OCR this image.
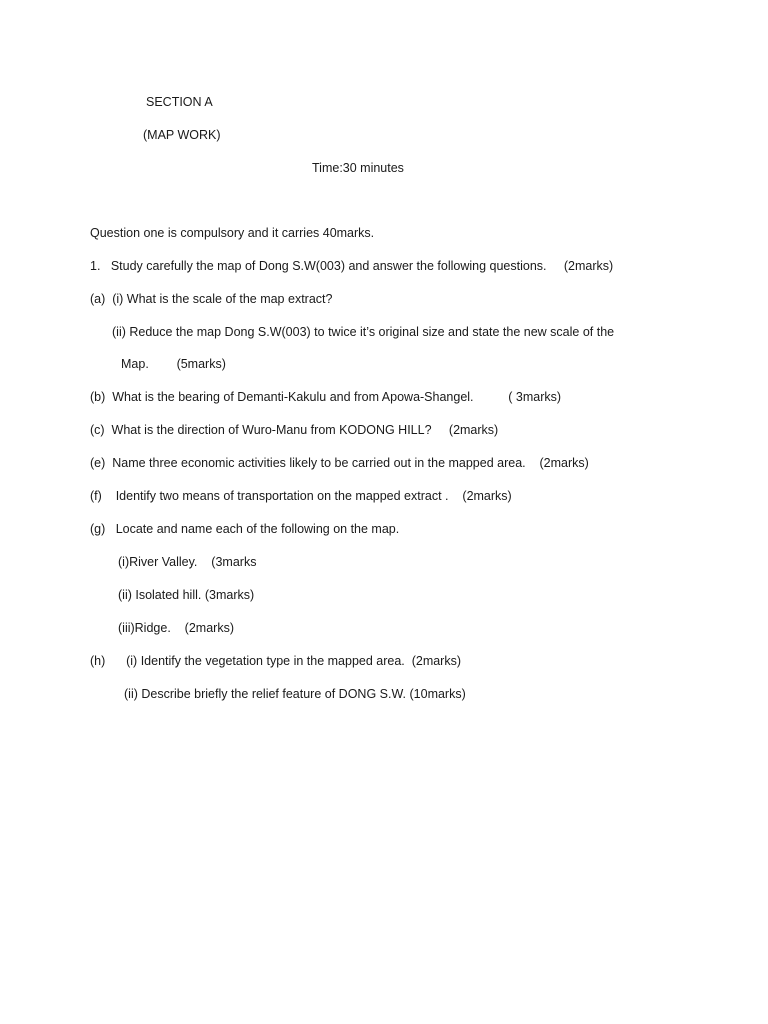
SECTION A
(MAP WORK)
Time:30 minutes
Question one is compulsory and it carries 40marks.
1.   Study carefully the map of Dong S.W(003) and answer the following questions.     (2marks)
(a)  (i) What is the scale of the map extract?
(ii) Reduce the map Dong S.W(003) to twice it’s original size and state the new scale of the
Map.        (5marks)
(b)  What is the bearing of Demanti-Kakulu and from Apowa-Shangel.          ( 3marks)
(c)  What is the direction of Wuro-Manu from KODONG HILL?     (2marks)
(e)  Name three economic activities likely to be carried out in the mapped area.    (2marks)
(f)    Identify two means of transportation on the mapped extract .    (2marks)
(g)   Locate and name each of the following on the map.
(i)River Valley.    (3marks
(ii) Isolated hill. (3marks)
(iii)Ridge.    (2marks)
(h)      (i) Identify the vegetation type in the mapped area.  (2marks)
(ii) Describe briefly the relief feature of DONG S.W. (10marks)
